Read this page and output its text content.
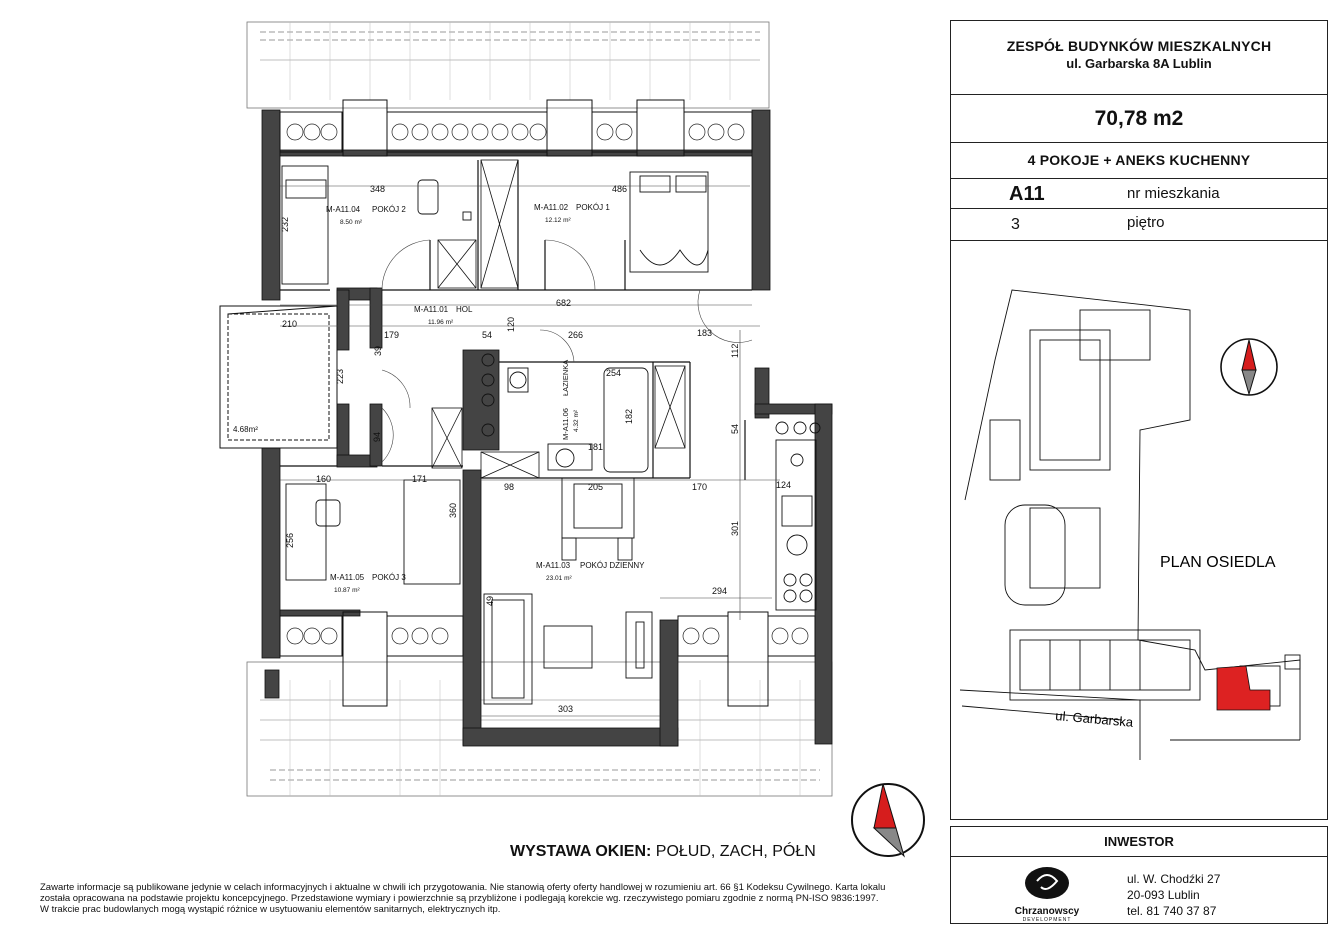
M-A11.04 POKÓJ 2
8.50 m²
M-A11.02 POKÓJ 1
12.12 m²
M-A11.01 HOL
11.96 m²
M-A11.05 POKÓJ 3
10.87 m²
M-A11.03 POKÓJ DZIENNY
23.01 m²
4.68m²	M-A11.06
ŁAZIENKA
4.32 m²
348
232
486
682
210
179	54
120
266	183
223
39
254
182
181
112
54
94
160	171
98	205	170	124
360
301
256
294
49
303
PLAN OSIEDLA
ul. Garbarska
ZESPÓŁ BUDYNKÓW MIESZKALNYCH
ul. Garbarska 8A Lublin
70,78 m2
4 POKOJE + ANEKS KUCHENNY
A11	nr mieszkania
3	piętro
INWESTOR
Chrzanowscy
DEVELOPMENT
ul. W. Chodźki 27
20-093 Lublin
tel. 81 740 37 87
WYSTAWA OKIEN: POŁUD, ZACH, PÓŁN
Zawarte informacje są publikowane jedynie w celach informacyjnych i aktualne w chwili ich przygotowania. Nie stanowią oferty oferty handlowej w rozumieniu art. 66 §1 Kodeksu Cywilnego. Karta lokalu
została opracowana na podstawie projektu koncepcyjnego. Przedstawione wymiary i powierzchnie są przybliżone i podlegają korekcie wg. rzeczywistego pomiaru zgodnie z normą PN-ISO 9836:1997.
W trakcie prac budowlanych mogą wystąpić różnice w usytuowaniu elementów sanitarnych, elektrycznych itp.
